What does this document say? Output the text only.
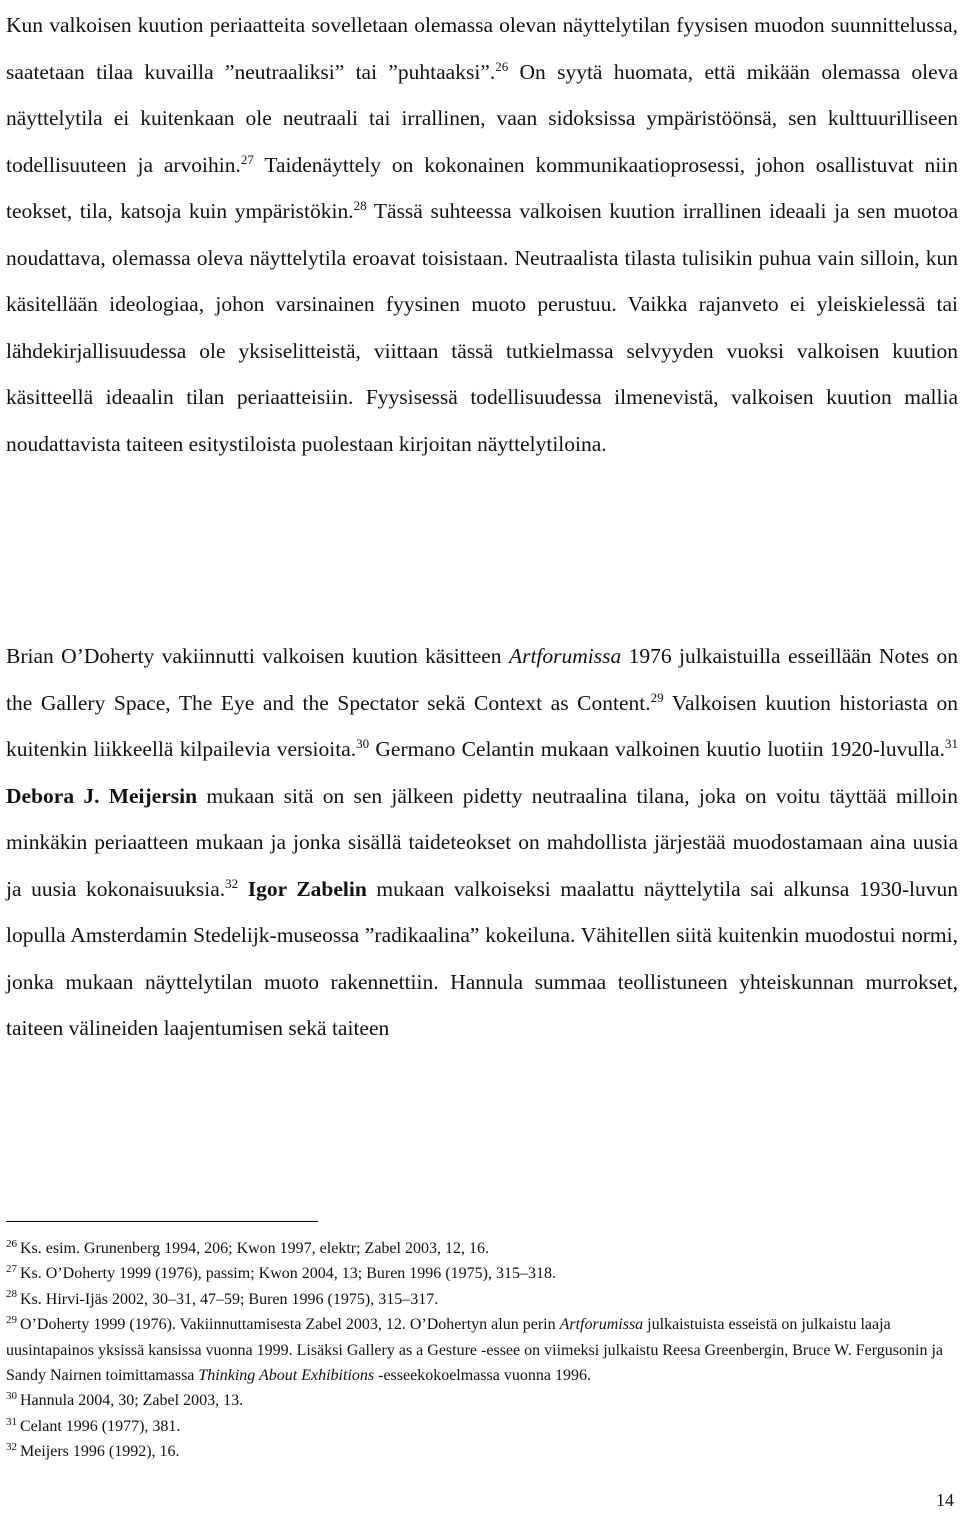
Kun valkoisen kuution periaatteita sovelletaan olemassa olevan näyttelytilan fyysisen muodon suunnittelussa, saatetaan tilaa kuvailla ”neutraaliksi” tai ”puhtaaksi”.$^{26}$ On syytä huomata, että mikään olemassa oleva näyttelytila ei kuitenkaan ole neutraali tai irrallinen, vaan sidoksissa ympäristöönsä, sen kulttuurilliseen todellisuuteen ja arvoihin.$^{27}$ Taidenäyttely on kokonainen kommunikaatioprosessi, johon osallistuvat niin teokset, tila, katsoja kuin ympäristökin.$^{28}$ Tässä suhteessa valkoisen kuution irrallinen ideaali ja sen muotoa noudattava, olemassa oleva näyttelytila eroavat toisistaan. Neutraalista tilasta tulisikin puhua vain silloin, kun käsitellään ideologiaa, johon varsinainen fyysinen muoto perustuu. Vaikka rajanveto ei yleiskielessä tai lähdekirjallisuudessa ole yksiselitteistä, viittaan tässä tutkielmassa selvyyden vuoksi valkoisen kuution käsitteellä ideaalin tilan periaatteisiin. Fyysisessä todellisuudessa ilmenevistä, valkoisen kuution mallia noudattavista taiteen esitystiloista puolestaan kirjoitan näyttelytiloina.

Brian O’Doherty vakiinnutti valkoisen kuution käsitteen Artforumissa 1976 julkaistuilla esseillään Notes on the Gallery Space, The Eye and the Spectator sekä Context as Content.$^{29}$ Valkoisen kuution historiasta on kuitenkin liikkeellä kilpailevia versioita.$^{30}$ Germano Celantin mukaan valkoinen kuutio luotiin 1920-luvulla.$^{31}$ Debora J. Meijersin mukaan sitä on sen jälkeen pidetty neutraalina tilana, joka on voitu täyttää milloin minkäkin periaatteen mukaan ja jonka sisällä taideteokset on mahdollista järjestää muodostamaan aina uusia ja uusia kokonaisuuksia.$^{32}$ Igor Zabelin mukaan valkoiseksi maalattu näyttelytila sai alkunsa 1930-luvun lopulla Amsterdamin Stedelijk-museossa ”radikaalina” kokeiluna. Vähitellen siitä kuitenkin muodostui normi, jonka mukaan näyttelytilan muoto rakennettiin. Hannula summaa teollistuneen yhteiskunnan murrokset, taiteen välineiden laajentumisen sekä taiteen

$^{26}$ Ks. esim. Grunenberg 1994, 206; Kwon 1997, elektr; Zabel 2003, 12, 16.

$^{27}$ Ks. O’Doherty 1999 (1976), passim; Kwon 2004, 13; Buren 1996 (1975), 315–318.

$^{28}$ Ks. Hirvi-Ijäs 2002, 30–31, 47–59; Buren 1996 (1975), 315–317.

$^{29}$ O’Doherty 1999 (1976). Vakiinnuttamisesta Zabel 2003, 12. O’Dohertyn alun perin Artforumissa julkaistuista esseistä on julkaistu laaja uusintapainos yksissä kansissa vuonna 1999. Lisäksi Gallery as a Gesture -essee on viimeksi julkaistu Reesa Greenbergin, Bruce W. Fergusonin ja Sandy Nairnen toimittamassa Thinking About Exhibitions -esseekokoelmassa vuonna 1996.

$^{30}$ Hannula 2004, 30; Zabel 2003, 13.

$^{31}$ Celant 1996 (1977), 381.

$^{32}$ Meijers 1996 (1992), 16.

14
